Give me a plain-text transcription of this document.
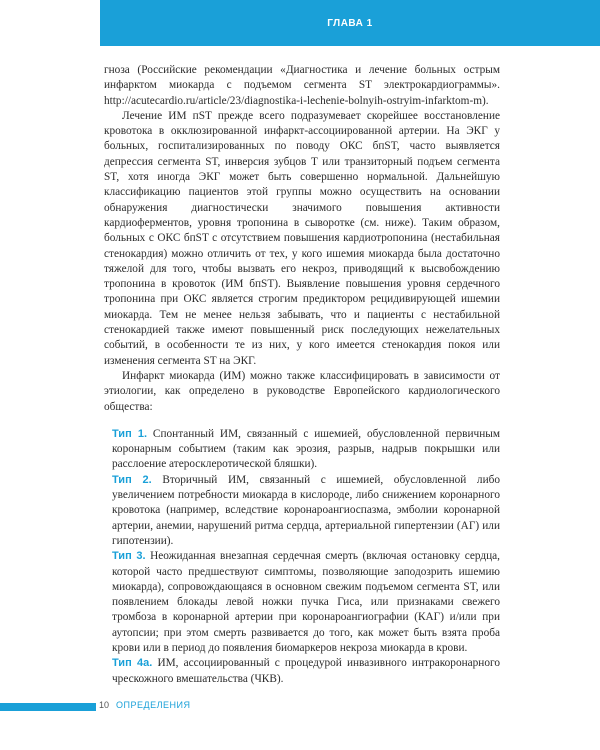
ГЛАВА 1

гноза (Российские рекомендации «Диагностика и лечение больных острым инфарктом миокарда с подъемом сегмента ST электрокардиограммы». http://acutecardio.ru/article/23/diagnostika-i-lechenie-bolnyih-ostryim-infarktom-m).

Лечение ИМ пST прежде всего подразумевает скорейшее восстановление кровотока в окклюзированной инфаркт-ассоциированной артерии. На ЭКГ у больных, госпитализированных по поводу ОКС бпST, часто выявляется депрессия сегмента ST, инверсия зубцов T или транзиторный подъем сегмента ST, хотя иногда ЭКГ может быть совершенно нормальной. Дальнейшую классификацию пациентов этой группы можно осуществить на основании обнаружения диагностически значимого повышения активности кардиоферментов, уровня тропонина в сыворотке (см. ниже). Таким образом, больных с ОКС бпST с отсутствием повышения кардиотропонина (нестабильная стенокардия) можно отличить от тех, у кого ишемия миокарда была достаточно тяжелой для того, чтобы вызвать его некроз, приводящий к высвобождению тропонина в кровоток (ИМ бпST). Выявление повышения уровня сердечного тропонина при ОКС является строгим предиктором рецидивирующей ишемии миокарда. Тем не менее нельзя забывать, что и пациенты с нестабильной стенокардией также имеют повышенный риск последующих нежелательных событий, в особенности те из них, у кого имеется стенокардия покоя или изменения сегмента ST на ЭКГ.

Инфаркт миокарда (ИМ) можно также классифицировать в зависимости от этиологии, как определено в руководстве Европейского кардиологического общества:

Тип 1. Спонтанный ИМ, связанный с ишемией, обусловленной первичным коронарным событием (таким как эрозия, разрыв, надрыв покрышки или расслоение атеросклеротической бляшки).

Тип 2. Вторичный ИМ, связанный с ишемией, обусловленной либо увеличением потребности миокарда в кислороде, либо снижением коронарного кровотока (например, вследствие коронароангиоспазма, эмболии коронарной артерии, анемии, нарушений ритма сердца, артериальной гипертензии (АГ) или гипотензии).

Тип 3. Неожиданная внезапная сердечная смерть (включая остановку сердца, которой часто предшествуют симптомы, позволяющие заподозрить ишемию миокарда), сопровождающаяся в основном свежим подъемом сегмента ST, или появлением блокады левой ножки пучка Гиса, или признаками свежего тромбоза в коронарной артерии при коронароангиографии (КАГ) и/или при аутопсии; при этом смерть развивается до того, как может быть взята проба крови или в период до появления биомаркеров некроза миокарда в крови.

Тип 4а. ИМ, ассоциированный с процедурой инвазивного интракоронарного чрескожного вмешательства (ЧКВ).

10 ОПРЕДЕЛЕНИЯ
